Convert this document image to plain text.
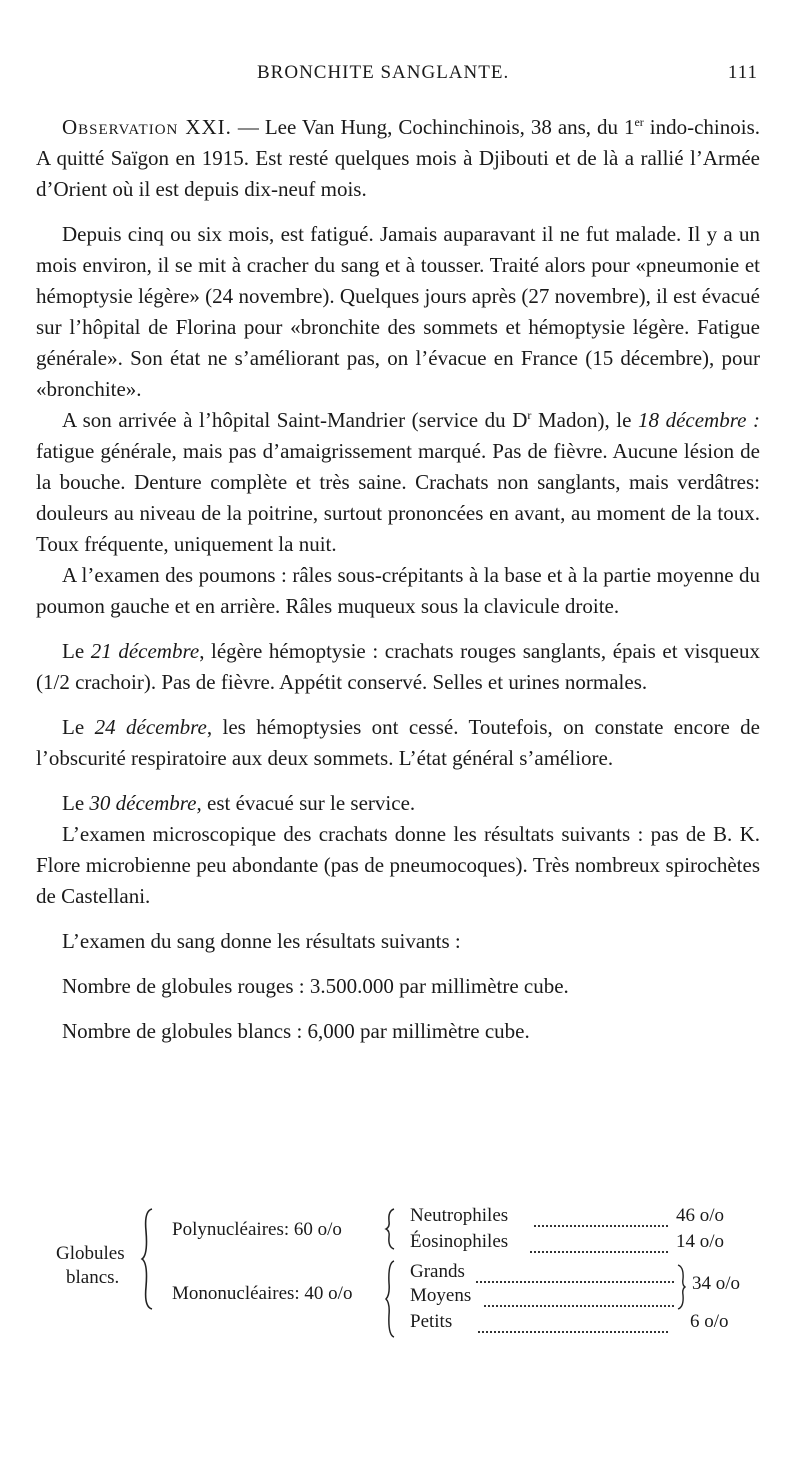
BRONCHITE SANGLANTE.	111

Observation XXI. — Lee Van Hung, Cochinchinois, 38 ans, du 1er indo-chinois. A quitté Saïgon en 1915. Est resté quelques mois à Djibouti et de là a rallié l’Armée d’Orient où il est depuis dix-neuf mois.

Depuis cinq ou six mois, est fatigué. Jamais auparavant il ne fut malade. Il y a un mois environ, il se mit à cracher du sang et à tousser. Traité alors pour «pneumonie et hémoptysie légère» (24 novembre). Quelques jours après (27 novembre), il est évacué sur l’hôpital de Florina pour «bronchite des sommets et hémoptysie légère. Fatigue générale». Son état ne s’améliorant pas, on l’évacue en France (15 décembre), pour «bronchite».

A son arrivée à l’hôpital Saint-Mandrier (service du $D^r$ Madon), le 18 décembre : fatigue générale, mais pas d’amaigrissement marqué. Pas de fièvre. Aucune lésion de la bouche. Denture complète et très saine. Crachats non sanglants, mais verdâtres: douleurs au niveau de la poitrine, surtout prononcées en avant, au moment de la toux. Toux fréquente, uniquement la nuit.

A l’examen des poumons : râles sous-crépitants à la base et à la partie moyenne du poumon gauche et en arrière. Râles muqueux sous la clavicule droite.

Le 21 décembre, légère hémoptysie : crachats rouges sanglants, épais et visqueux (1/2 crachoir). Pas de fièvre. Appétit conservé. Selles et urines normales.

Le 24 décembre, les hémoptysies ont cessé. Toutefois, on constate encore de l’obscurité respiratoire aux deux sommets. L’état général s’améliore.

Le 30 décembre, est évacué sur le service.

L’examen microscopique des crachats donne les résultats suivants : pas de B. K. Flore microbienne peu abondante (pas de pneumocoques). Très nombreux spirochètes de Castellani.

L’examen du sang donne les résultats suivants :

Nombre de globules rouges : 3.500.000 par millimètre cube.

Nombre de globules blancs : 6,000 par millimètre cube.

Globules
blancs.
Polynucléaires: 60 o/o
Mononucléaires: 40 o/o
Neutrophiles
Éosinophiles
Grands
Moyens
Petits
46 o/o
14 o/o
34 o/o
6 o/o
